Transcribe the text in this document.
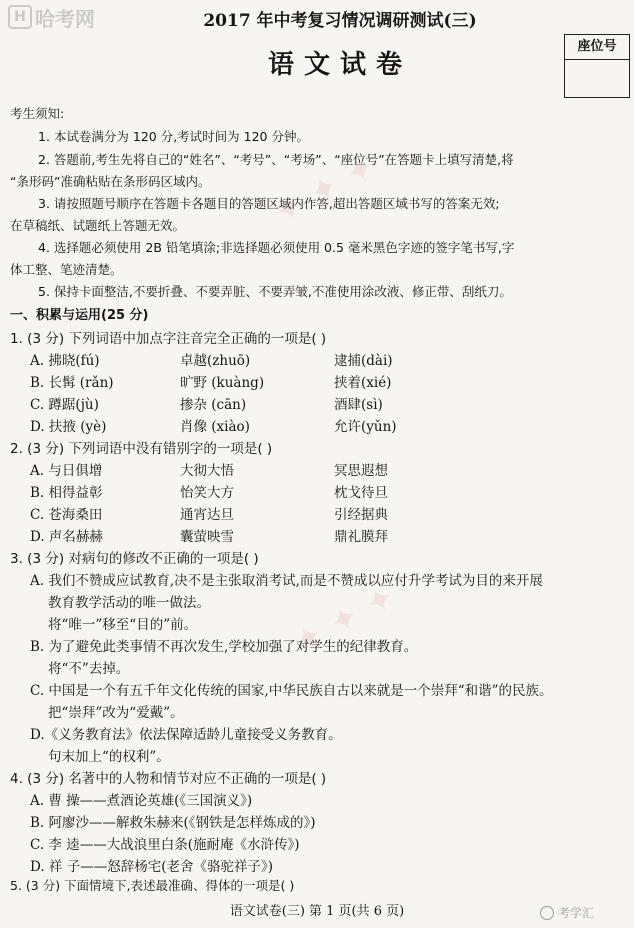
H 哈考网	2017 年中考复习情况调研测试(三)
语文试卷
座位号
✦ ✦ ✦
✦ ✦ ✦
考生须知:
1. 本试卷满分为 120 分,考试时间为 120 分钟。
2. 答题前,考生先将自己的“姓名”、“考号”、“考场”、“座位号”在答题卡上填写清楚,将
“条形码”准确粘贴在条形码区域内。
3. 请按照题号顺序在答题卡各题目的答题区域内作答,超出答题区域书写的答案无效;
在草稿纸、试题纸上答题无效。
4. 选择题必须使用 2B 铅笔填涂;非选择题必须使用 0.5 毫米黑色字迹的签字笔书写,字
体工整、笔迹清楚。
5. 保持卡面整洁,不要折叠、不要弄脏、不要弄皱,不准使用涂改液、修正带、刮纸刀。
一、积累与运用(25 分)
1. (3 分) 下列词语中加点字注音完全正确的一项是( )
A. 拂晓(fú)	卓越(zhuō)	逮捕(dài)
B. 长髯 (rǎn)	旷野 (kuàng)	挟着(xié)
C. 蹲踞(jù)	掺杂 (cān)	酒肆(sì)
D. 扶掖 (yè)	肖像 (xiào)	允许(yǔn)
2. (3 分) 下列词语中没有错别字的一项是( )
A. 与日俱增	大彻大悟	冥思遐想
B. 相得益彰	怡笑大方	枕戈待旦
C. 苍海桑田	通宵达旦	引经据典
D. 声名赫赫	囊萤映雪	鼎礼膜拜
3. (3 分) 对病句的修改不正确的一项是( )
A. 我们不赞成应试教育,决不是主张取消考试,而是不赞成以应付升学考试为目的来开展
教育教学活动的唯一做法。
将“唯一”移至“目的”前。
B. 为了避免此类事情不再次发生,学校加强了对学生的纪律教育。
将“不”去掉。
C. 中国是一个有五千年文化传统的国家,中华民族自古以来就是一个崇拜“和谐”的民族。
把“崇拜”改为“爱戴”。
D.《义务教育法》依法保障适龄儿童接受义务教育。
句末加上“的权利”。
4. (3 分) 名著中的人物和情节对应不正确的一项是( )
A. 曹 操——煮酒论英雄(《三国演义》)
B. 阿廖沙——解救朱赫来(《钢铁是怎样炼成的》)
C. 李 逵——大战浪里白条(施耐庵《水浒传》)
D. 祥 子——怒辞杨宅(老舍《骆驼祥子》)
5. (3 分) 下面情境下,表述最准确、得体的一项是( )
语文试卷(三) 第 1 页(共 6 页)	考学汇
